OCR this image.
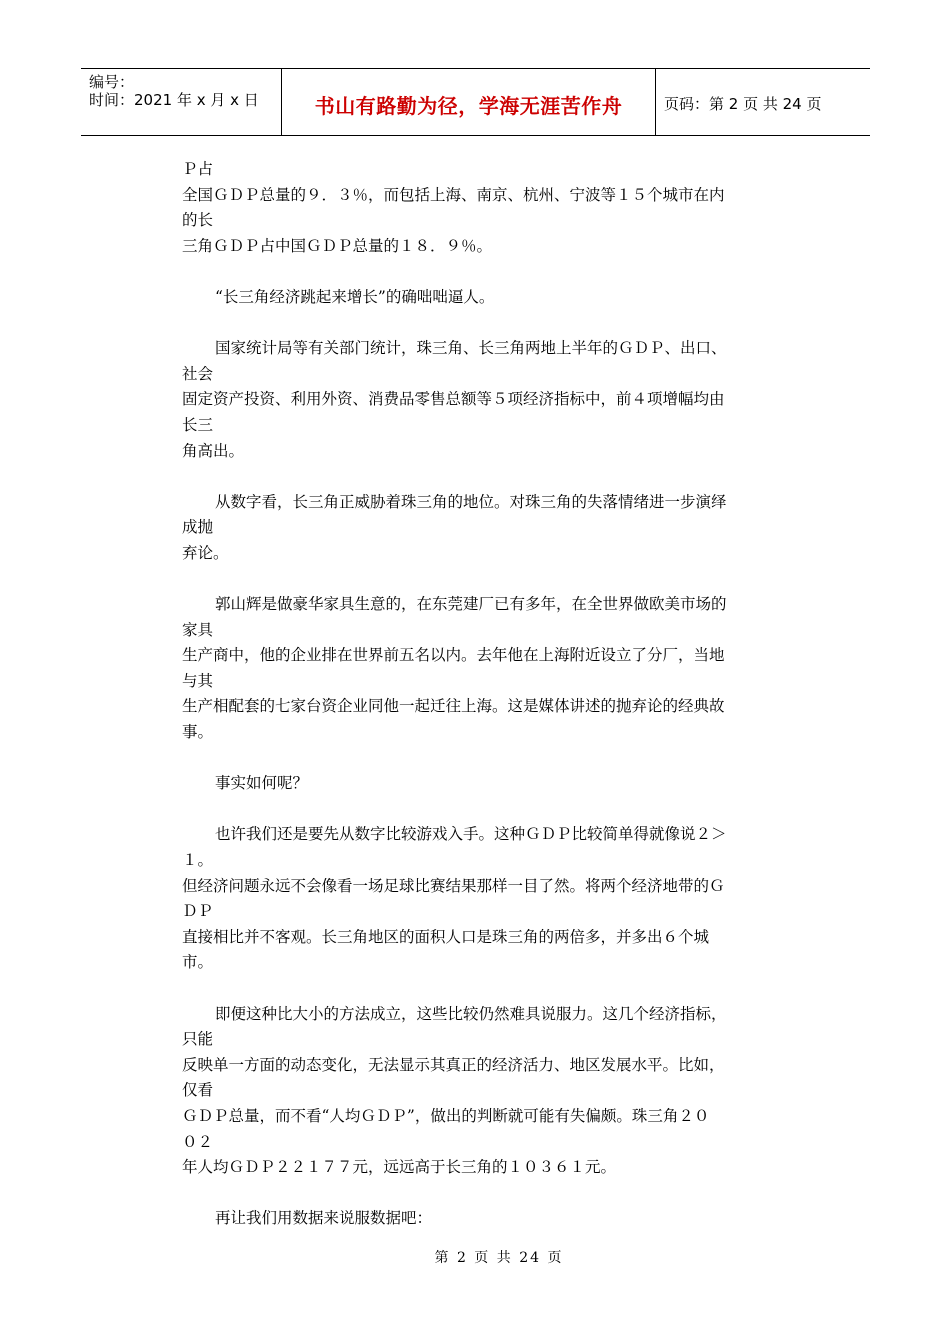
编号：
时间：2021 年 x 月 x 日	书山有路勤为径，学海无涯苦作舟	页码：第 2 页 共 24 页
Ｐ占
全国ＧＤＰ总量的９．３％，而包括上海、南京、杭州、宁波等１５个城市在内
的长
三角ＧＤＰ占中国ＧＤＰ总量的１８．９％。
“长三角经济跳起来增长”的确咄咄逼人。
国家统计局等有关部门统计，珠三角、长三角两地上半年的ＧＤＰ、出口、
社会
固定资产投资、利用外资、消费品零售总额等５项经济指标中，前４项增幅均由
长三
角高出。
从数字看，长三角正威胁着珠三角的地位。对珠三角的失落情绪进一步演绎
成抛
弃论。
郭山辉是做豪华家具生意的，在东莞建厂已有多年，在全世界做欧美市场的
家具
生产商中，他的企业排在世界前五名以内。去年他在上海附近设立了分厂，当地
与其
生产相配套的七家台资企业同他一起迁往上海。这是媒体讲述的抛弃论的经典故
事。
事实如何呢？
也许我们还是要先从数字比较游戏入手。这种ＧＤＰ比较简单得就像说２＞
１。
但经济问题永远不会像看一场足球比赛结果那样一目了然。将两个经济地带的Ｇ
ＤＰ
直接相比并不客观。长三角地区的面积人口是珠三角的两倍多，并多出６个城
市。
即便这种比大小的方法成立，这些比较仍然难具说服力。这几个经济指标，
只能
反映单一方面的动态变化，无法显示其真正的经济活力、地区发展水平。比如，
仅看
ＧＤＰ总量，而不看“人均ＧＤＰ”，做出的判断就可能有失偏颇。珠三角２０
０２
年人均ＧＤＰ２２１７７元，远远高于长三角的１０３６１元。
再让我们用数据来说服数据吧：
第 2 页 共 24 页
